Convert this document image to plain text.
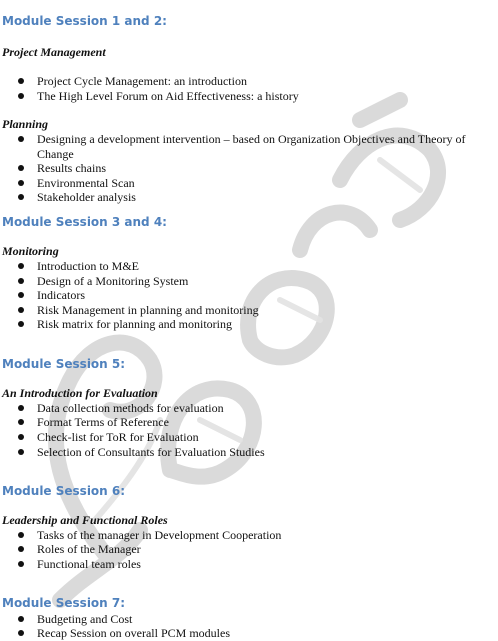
Module Session 1 and 2:
Project Management
Project Cycle Management: an introduction
The High Level Forum on Aid Effectiveness: a history
Planning
Designing a development intervention – based on Organization Objectives and Theory of Change
Results chains
Environmental Scan
Stakeholder analysis
Module Session 3 and 4:
Monitoring
Introduction to M&E
Design of a Monitoring System
Indicators
Risk Management in planning and monitoring
Risk matrix for planning and monitoring
Module Session 5:
An Introduction for Evaluation
Data collection methods for evaluation
Format Terms of Reference
Check-list for ToR for Evaluation
Selection of Consultants for Evaluation Studies
Module Session 6:
Leadership and Functional Roles
Tasks of the manager in Development Cooperation
Roles of the Manager
Functional team roles
Module Session 7:
Budgeting and Cost
Recap Session on overall PCM modules
